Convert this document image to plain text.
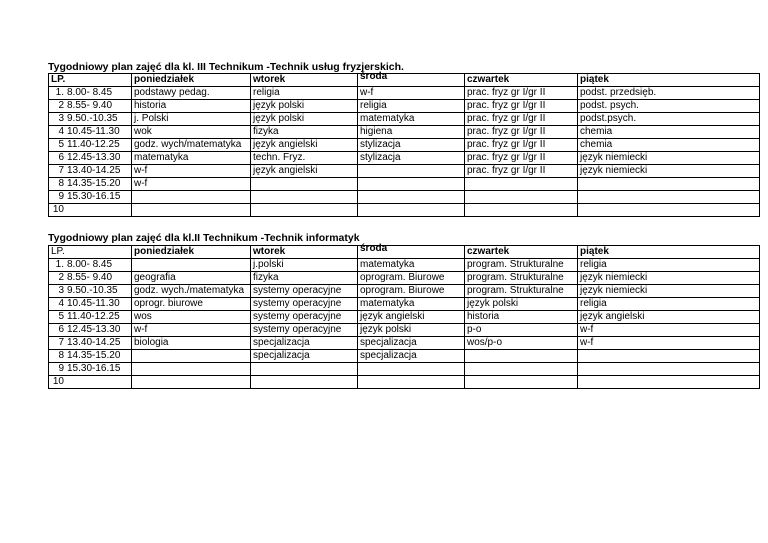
Tygodniowy plan zajęć dla kl. III Technikum -Technik usług fryzjerskich.
LP.	poniedziałek	wtorek	środa	czwartek	piątek
1. 8.00- 8.45	podstawy pedag.	religia	w-f	prac. fryz gr I/gr II	podst. przedsięb.
2 8.55- 9.40	historia	język polski	religia	prac. fryz gr I/gr II	podst. psych.
3 9.50.-10.35	j. Polski	język polski	matematyka	prac. fryz gr I/gr II	podst.psych.
4 10.45-11.30	wok	fizyka	higiena	prac. fryz gr I/gr II	chemia
5 11.40-12.25	godz. wych/matematyka	język angielski	stylizacja	prac. fryz gr I/gr II	chemia
6 12.45-13.30	matematyka	techn. Fryz.	stylizacja	prac. fryz gr I/gr II	język niemiecki
7 13.40-14.25	w-f	język angielski		prac. fryz gr I/gr II	język niemiecki
8 14.35-15.20	w-f				
9 15.30-16.15					
10					
Tygodniowy plan zajęć dla kl.II Technikum -Technik informatyk
LP.	poniedziałek	wtorek	środa	czwartek	piątek
1. 8.00- 8.45		j.polski	matematyka	program. Strukturalne	religia
2 8.55- 9.40	geografia	fizyka	oprogram. Biurowe	program. Strukturalne	język niemiecki
3 9.50.-10.35	godz. wych./matematyka	systemy operacyjne	oprogram. Biurowe	program. Strukturalne	język niemiecki
4 10.45-11.30	oprogr. biurowe	systemy operacyjne	matematyka	język polski	religia
5 11.40-12.25	wos	systemy operacyjne	język angielski	historia	język angielski
6 12.45-13.30	w-f	systemy operacyjne	język polski	p-o	w-f
7 13.40-14.25	biologia	specjalizacja	specjalizacja	wos/p-o	w-f
8 14.35-15.20		specjalizacja	specjalizacja		
9 15.30-16.15					
10					
